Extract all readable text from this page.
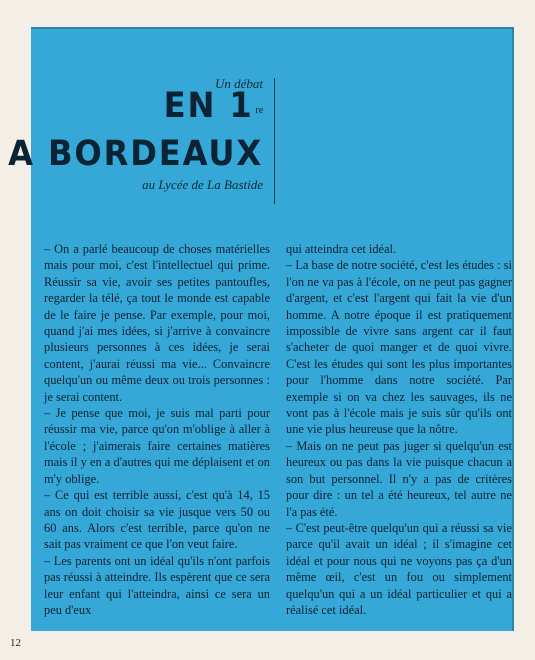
Un débat
EN 1 $^{re}$
A BORDEAUX
au Lycée de La Bastide

– On a parlé beaucoup de choses matérielles mais pour moi, c'est l'intellectuel qui prime. Réussir sa vie, avoir ses petites pantoufles, regarder la télé, ça tout le monde est capable de le faire je pense. Par exemple, pour moi, quand j'ai mes idées, si j'arrive à convaincre plusieurs personnes à ces idées, je serai content, j'aurai réussi ma vie... Convaincre quelqu'un ou même deux ou trois personnes : je serai content.

– Je pense que moi, je suis mal parti pour réussir ma vie, parce qu'on m'oblige à aller à l'école ; j'aimerais faire certaines matières mais il y en a d'autres qui me déplaisent et on m'y oblige.

– Ce qui est terrible aussi, c'est qu'à 14, 15 ans on doit choisir sa vie jusque vers 50 ou 60 ans. Alors c'est terrible, parce qu'on ne sait pas vraiment ce que l'on veut faire.

– Les parents ont un idéal qu'ils n'ont parfois pas réussi à atteindre. Ils espèrent que ce sera leur enfant qui l'atteindra, ainsi ce sera un peu d'eux

qui atteindra cet idéal.

– La base de notre société, c'est les études : si l'on ne va pas à l'école, on ne peut pas gagner d'argent, et c'est l'argent qui fait la vie d'un homme. A notre époque il est pratiquement impossible de vivre sans argent car il faut s'acheter de quoi manger et de quoi vivre. C'est les études qui sont les plus importantes pour l'homme dans notre société. Par exemple si on va chez les sauvages, ils ne vont pas à l'école mais je suis sûr qu'ils ont une vie plus heureuse que la nôtre.

– Mais on ne peut pas juger si quelqu'un est heureux ou pas dans la vie puisque chacun a son but personnel. Il n'y a pas de critères pour dire : un tel a été heureux, tel autre ne l'a pas été.

– C'est peut-être quelqu'un qui a réussi sa vie parce qu'il avait un idéal ; il s'imagine cet idéal et pour nous qui ne voyons pas ça d'un même œil, c'est un fou ou simplement quelqu'un qui a un idéal particulier et qui a réalisé cet idéal.

12
